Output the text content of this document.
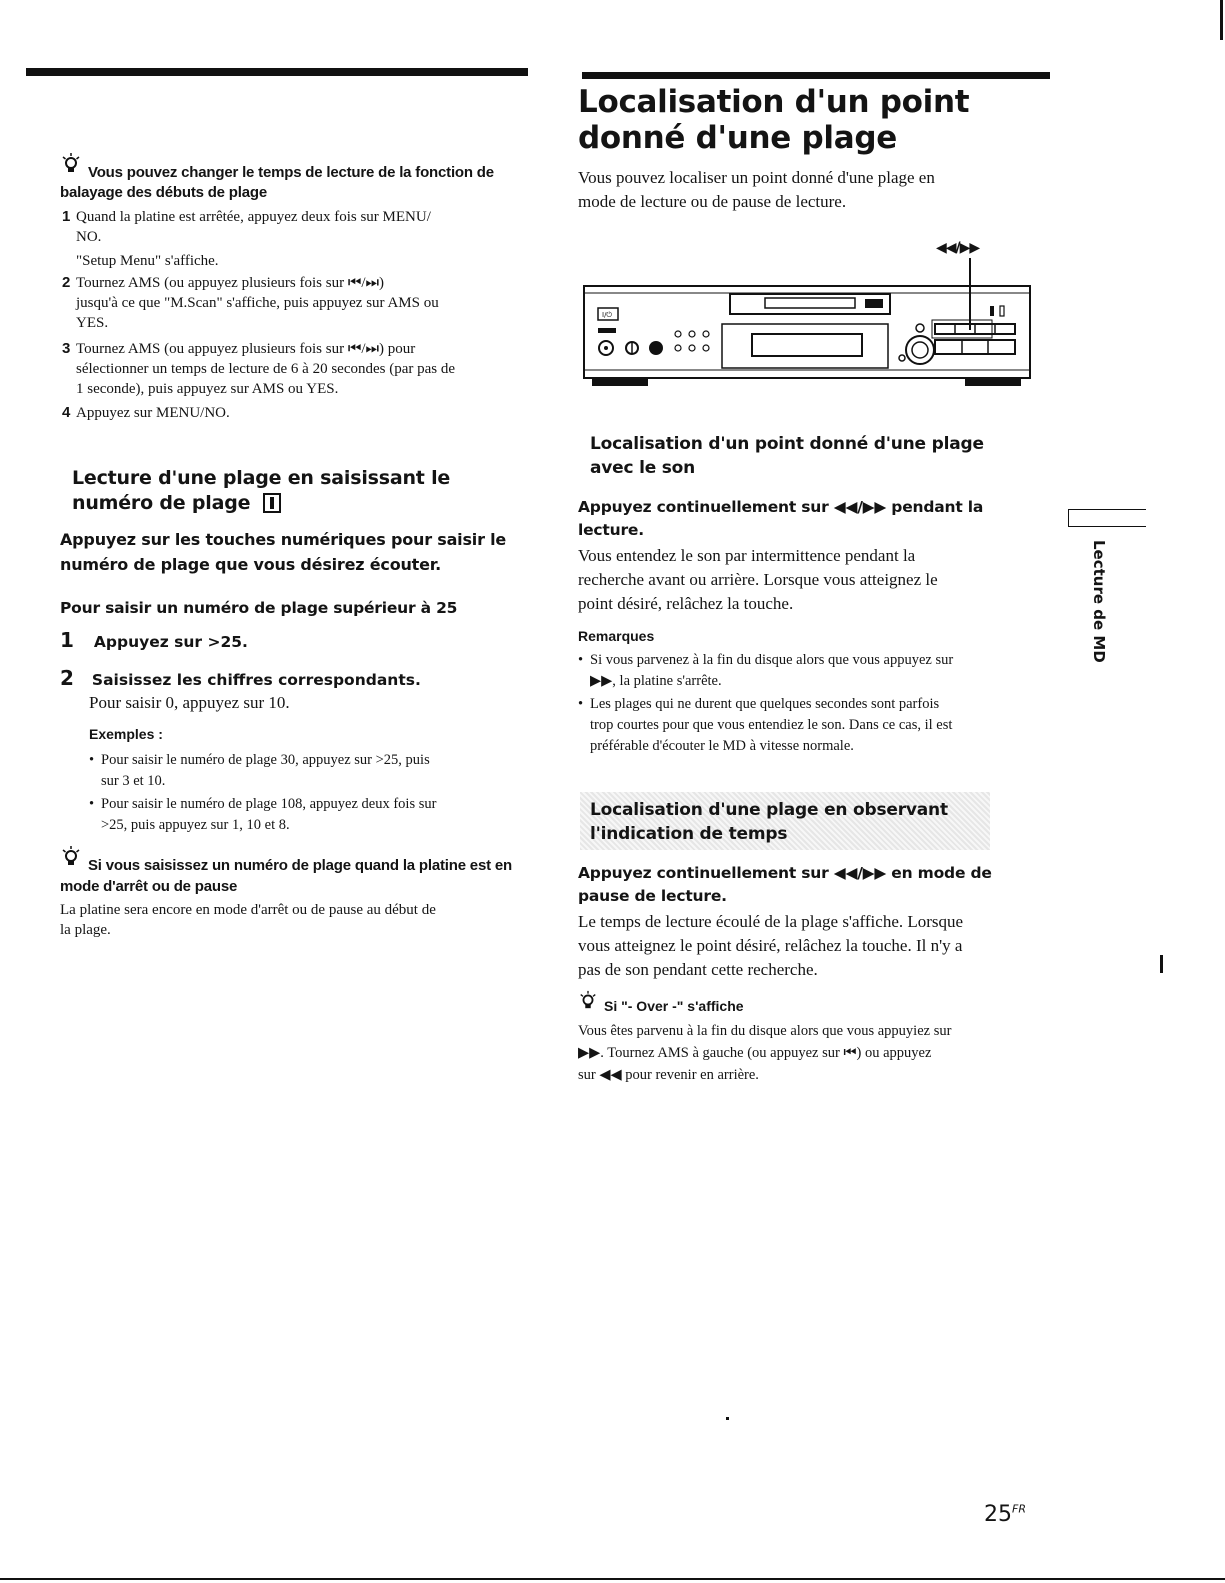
Vous pouvez changer le temps de lecture de la fonction de
balayage des débuts de plage
1 Quand la platine est arrêtée, appuyez deux fois sur MENU/
NO.
"Setup Menu" s'affiche.
2 Tournez AMS (ou appuyez plusieurs fois sur ⏮/⏭)
jusqu'à ce que "M.Scan" s'affiche, puis appuyez sur AMS ou
YES.
3 Tournez AMS (ou appuyez plusieurs fois sur ⏮/⏭) pour
sélectionner un temps de lecture de 6 à 20 secondes (par pas de
1 seconde), puis appuyez sur AMS ou YES.
4 Appuyez sur MENU/NO.
Lecture d'une plage en saisissant le
numéro de plage
Appuyez sur les touches numériques pour saisir le
numéro de plage que vous désirez écouter.
Pour saisir un numéro de plage supérieur à 25
1 Appuyez sur >25.
2 Saisissez les chiffres correspondants.
Pour saisir 0, appuyez sur 10.
Exemples :
• Pour saisir le numéro de plage 30, appuyez sur >25, puis
sur 3 et 10.
• Pour saisir le numéro de plage 108, appuyez deux fois sur
>25, puis appuyez sur 1, 10 et 8.
Si vous saisissez un numéro de plage quand la platine est en
mode d'arrêt ou de pause
La platine sera encore en mode d'arrêt ou de pause au début de
la plage.
Localisation d'un point
donné d'une plage
Vous pouvez localiser un point donné d'une plage en
mode de lecture ou de pause de lecture.
◀◀/▶▶
I/⏻
Localisation d'un point donné d'une plage
avec le son
Appuyez continuellement sur ◀◀/▶▶ pendant la
lecture.
Vous entendez le son par intermittence pendant la
recherche avant ou arrière. Lorsque vous atteignez le
point désiré, relâchez la touche.
Remarques
• Si vous parvenez à la fin du disque alors que vous appuyez sur
▶▶, la platine s'arrête.
• Les plages qui ne durent que quelques secondes sont parfois
trop courtes pour que vous entendiez le son. Dans ce cas, il est
préférable d'écouter le MD à vitesse normale.
Localisation d'une plage en observant
l'indication de temps
Appuyez continuellement sur ◀◀/▶▶ en mode de
pause de lecture.
Le temps de lecture écoulé de la plage s'affiche. Lorsque
vous atteignez le point désiré, relâchez la touche. Il n'y a
pas de son pendant cette recherche.
Si "- Over -" s'affiche
Vous êtes parvenu à la fin du disque alors que vous appuyiez sur
▶▶. Tournez AMS à gauche (ou appuyez sur ⏮) ou appuyez
sur ◀◀ pour revenir en arrière.
Lecture de MD
$25^{FR}$
